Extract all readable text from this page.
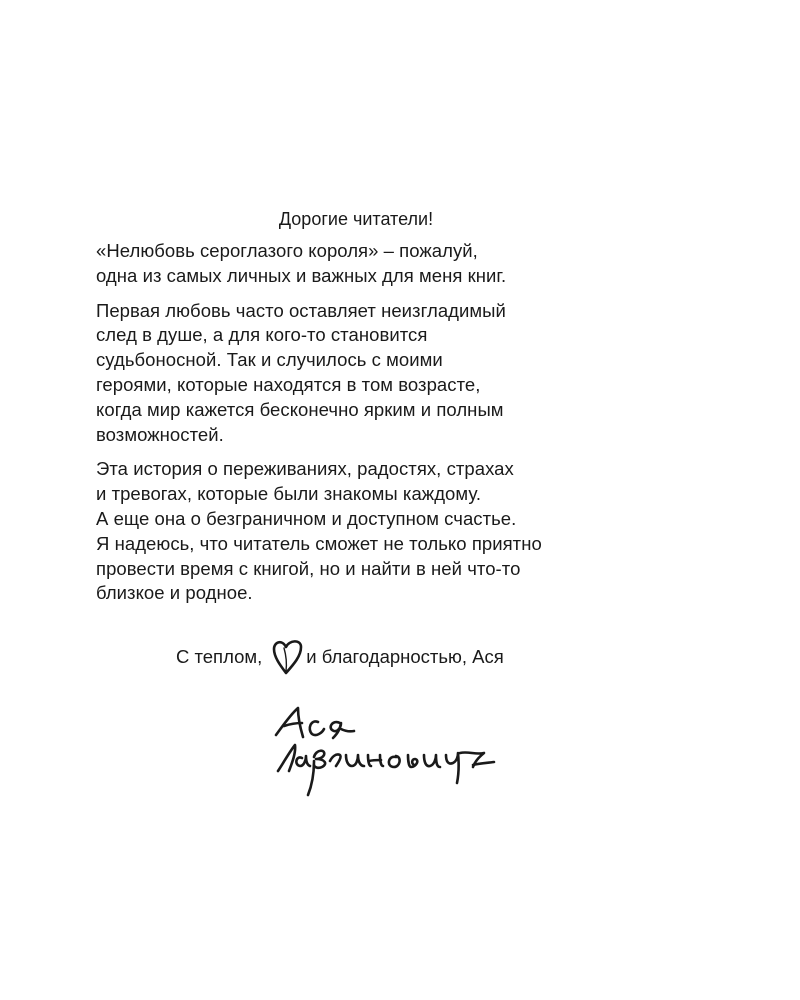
Дорогие читатели!
«Нелюбовь сероглазого короля» – пожалуй,
одна из самых личных и важных для меня книг.
Первая любовь часто оставляет неизгладимый
след в душе, а для кого-то становится
судьбоносной. Так и случилось с моими
героями, которые находятся в том возрасте,
когда мир кажется бесконечно ярким и полным
возможностей.
Эта история о переживаниях, радостях, страхах
и тревогах, которые были знакомы каждому.
А еще она о безграничном и доступном счастье.
Я надеюсь, что читатель сможет не только приятно
провести время с книгой, но и найти в ней что-то
близкое и родное.
С теплом, и благодарностью, Ася
